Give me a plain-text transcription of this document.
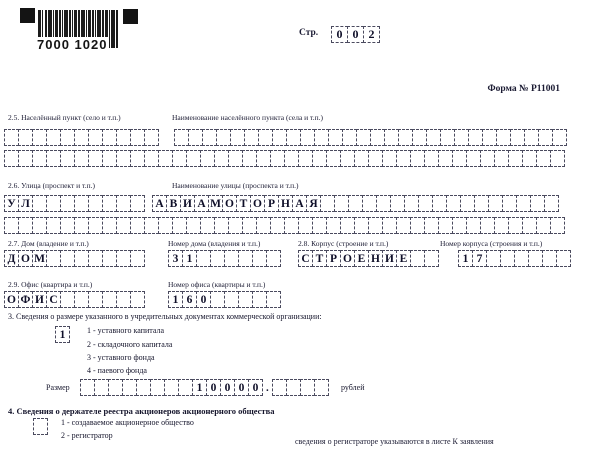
7000 1020
Стр.	0 0 2
Форма № Р11001
2.5. Населённый пункт (село и т.п.)	Наименование населённого пункта (села и т.п.)
2.6. Улица (проспект и т.п.)	Наименование улицы (проспекта и т.п.)
У Л	А В И А М О Т О Р Н А Я
2.7. Дом (владение и т.п.)	Номер дома (владения и т.п.)	2.8. Корпус (строение и т.п.)	Номер корпуса (строения и т.п.)
Д О М	3 1	С Т Р О Е Н И Е	1 7
2.9. Офис (квартира и т.п.)	Номер офиса (квартиры и т.п.)
О Ф И С	1 6 0
3. Сведения о размере указанного в учредительных документах коммерческой организации:
1	1 - уставного капитала
2 - складочного капитала
3 - уставного фонда
4 - паевого фонда
Размер	1 0 0 0 0 .	рублей
4. Сведения о держателе реестра акционеров акционерного общества
1 - создаваемое акционерное общество
2 - регистратор
сведения о регистраторе указываются в листе К заявления
